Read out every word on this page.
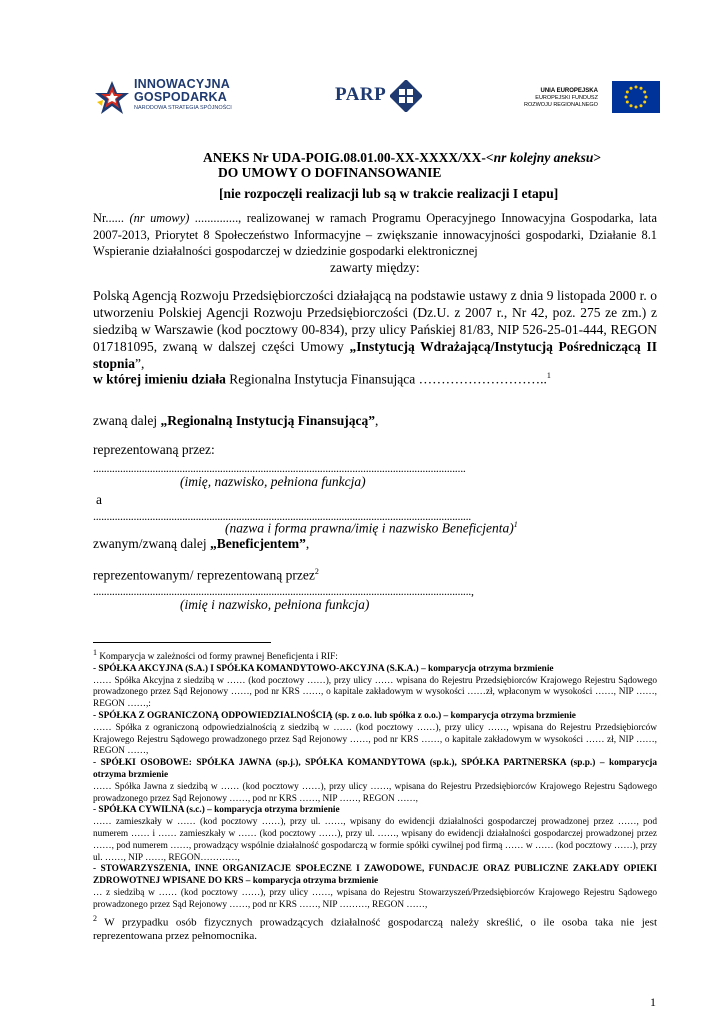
INNOWACYJNA
GOSPODARKA
NARODOWA STRATEGIA SPÓJNOŚCI
PARP	UNIA EUROPEJSKA
EUROPEJSKI FUNDUSZ
ROZWOJU REGIONALNEGO
ANEKS Nr UDA-POIG.08.01.00-XX-XXXX/XX-<nr kolejny aneksu>
DO UMOWY O DOFINANSOWANIE
[nie rozpoczęli realizacji lub są w trakcie realizacji I etapu]
Nr...... (nr umowy) .............., realizowanej w ramach Programu Operacyjnego Innowacyjna Gospodarka, lata 2007-2013, Priorytet 8 Społeczeństwo Informacyjne – zwiększanie innowacyjności gospodarki, Działanie 8.1 Wspieranie działalności gospodarczej w dziedzinie gospodarki elektronicznej
zawarty między:
Polską Agencją Rozwoju Przedsiębiorczości działającą na podstawie ustawy z dnia 9 listopada 2000 r. o utworzeniu Polskiej Agencji Rozwoju Przedsiębiorczości (Dz.U. z 2007 r., Nr 42, poz. 275 ze zm.) z siedzibą w Warszawie (kod pocztowy 00-834), przy ulicy Pańskiej 81/83, NIP 526-25-01-444, REGON 017181095, zwaną w dalszej części Umowy „Instytucją Wdrażającą/Instytucją Pośredniczącą II stopnia”,
w której imieniu działa Regionalna Instytucja Finansująca ………………………..$^1$
zwaną dalej „Regionalną Instytucją Finansującą”,
reprezentowaną przez:
..........................................................................................................................................
(imię, nazwisko, pełniona funkcja)
a
............................................................................................................................................
(nazwa i forma prawna/imię i nazwisko Beneficjenta)$^1$
zwanym/zwaną dalej „Beneficjentem”,
reprezentowanym/ reprezentowaną przez$^2$
............................................................................................................................................,
(imię i nazwisko, pełniona funkcja)
$^1$ Komparycja w zależności od formy prawnej Beneficjenta i RIF:
- SPÓŁKA AKCYJNA (S.A.) I SPÓŁKA KOMANDYTOWO-AKCYJNA (S.K.A.) – komparycja otrzyma brzmienie
…… Spółka Akcyjna z siedzibą w …… (kod pocztowy ……), przy ulicy …… wpisana do Rejestru Przedsiębiorców Krajowego Rejestru Sądowego prowadzonego przez Sąd Rejonowy ……, pod nr KRS ……, o kapitale zakładowym w wysokości ……zł, wpłaconym w wysokości ……, NIP ……, REGON ……,:
- SPÓŁKA Z OGRANICZONĄ ODPOWIEDZIALNOŚCIĄ (sp. z o.o. lub spółka z o.o.) – komparycja otrzyma brzmienie
…… Spółka z ograniczoną odpowiedzialnością z siedzibą w …… (kod pocztowy ……), przy ulicy ……, wpisana do Rejestru Przedsiębiorców Krajowego Rejestru Sądowego prowadzonego przez Sąd Rejonowy ……, pod nr KRS ……, o kapitale zakładowym w wysokości …… zł, NIP ……, REGON ……,
- SPÓŁKI OSOBOWE: SPÓŁKA JAWNA (sp.j.), SPÓŁKA KOMANDYTOWA (sp.k.), SPÓŁKA PARTNERSKA (sp.p.) – komparycja otrzyma brzmienie
…… Spółka Jawna z siedzibą w …… (kod pocztowy ……), przy ulicy ……, wpisana do Rejestru Przedsiębiorców Krajowego Rejestru Sądowego prowadzonego przez Sąd Rejonowy ……, pod nr KRS ……, NIP ……, REGON ……,
- SPÓŁKA CYWILNA (s.c.) – komparycja otrzyma brzmienie
…… zamieszkały w …… (kod pocztowy ……), przy ul. ……, wpisany do ewidencji działalności gospodarczej prowadzonej przez ……, pod numerem …… i …… zamieszkały w …… (kod pocztowy ……), przy ul. ……, wpisany do ewidencji działalności gospodarczej prowadzonej przez ……, pod numerem ……, prowadzący wspólnie działalność gospodarczą w formie spółki cywilnej pod firmą …… w …… (kod pocztowy ……), przy ul. ……, NIP ……, REGON…………,
- STOWARZYSZENIA, INNE ORGANIZACJE SPOŁECZNE I ZAWODOWE, FUNDACJE ORAZ PUBLICZNE ZAKŁADY OPIEKI ZDROWOTNEJ WPISANE DO KRS – komparycja otrzyma brzmienie
… z siedzibą w …… (kod pocztowy ……), przy ulicy ……, wpisana do Rejestru Stowarzyszeń/Przedsiębiorców Krajowego Rejestru Sądowego prowadzonego przez Sąd Rejonowy ……, pod nr KRS ……, NIP ………, REGON ……,
$^2$ W przypadku osób fizycznych prowadzących działalność gospodarczą należy skreślić, o ile osoba taka nie jest reprezentowana przez pełnomocnika.
1
